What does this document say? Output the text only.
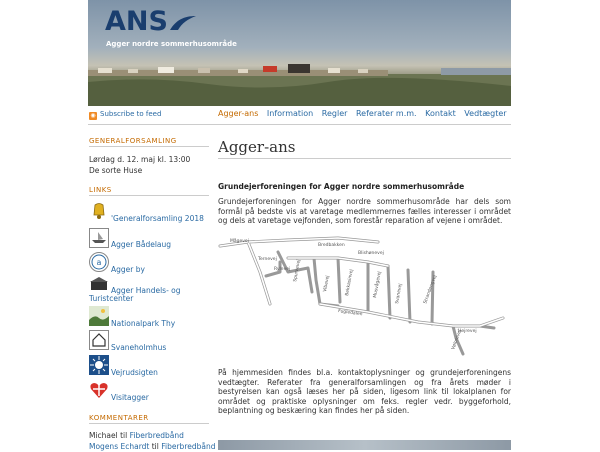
ANS
Agger nordre sommerhusområde
◉ Subscribe to feed	Agger-ans Information Regler Referater m.m. Kontakt Vedtægter
GENERALFORSAMLING
Lørdag d. 12. maj kl. 13:00
De sorte Huse
LINKS
'Generalforsamling 2018
Agger Bådelaug
a
Agger by
Agger Handels- og
Turistcenter
Nationalpark Thy
Svaneholmhus
Vejrudsigten
Visitagger
KOMMENTARER
Michael til Fiberbredbånd
Mogens Echardt til Fiberbredbånd
Agger-ans
Grundejerforeningen for Agger nordre sommerhusområde
Grundejerforeningen for Agger nordre sommerhusområde har dels som formål på bedste vis at varetage medlemmernes fælles interesser i området og dels at varetage vejfonden, som forestår reparation af vejene i området.
Mågevej
Ternevej
Bredbakken
Blishønevej
Spurvevej
Vibevej	Bekkasinvej	Musvågevej	Svanevej	Strandengvej
Hejrevej
Fugledalen
Vølorevej
Rylevej
På hjemmesiden findes bl.a. kontaktoplysninger og grundejerforeningens vedtægter. Referater fra generalforsamlingen og fra årets møder i bestyrelsen kan også læses her på siden, ligesom link til lokalplanen for området og praktiske oplysninger om feks. regler vedr. byggeforhold, beplantning og beskæring kan findes her på siden.
